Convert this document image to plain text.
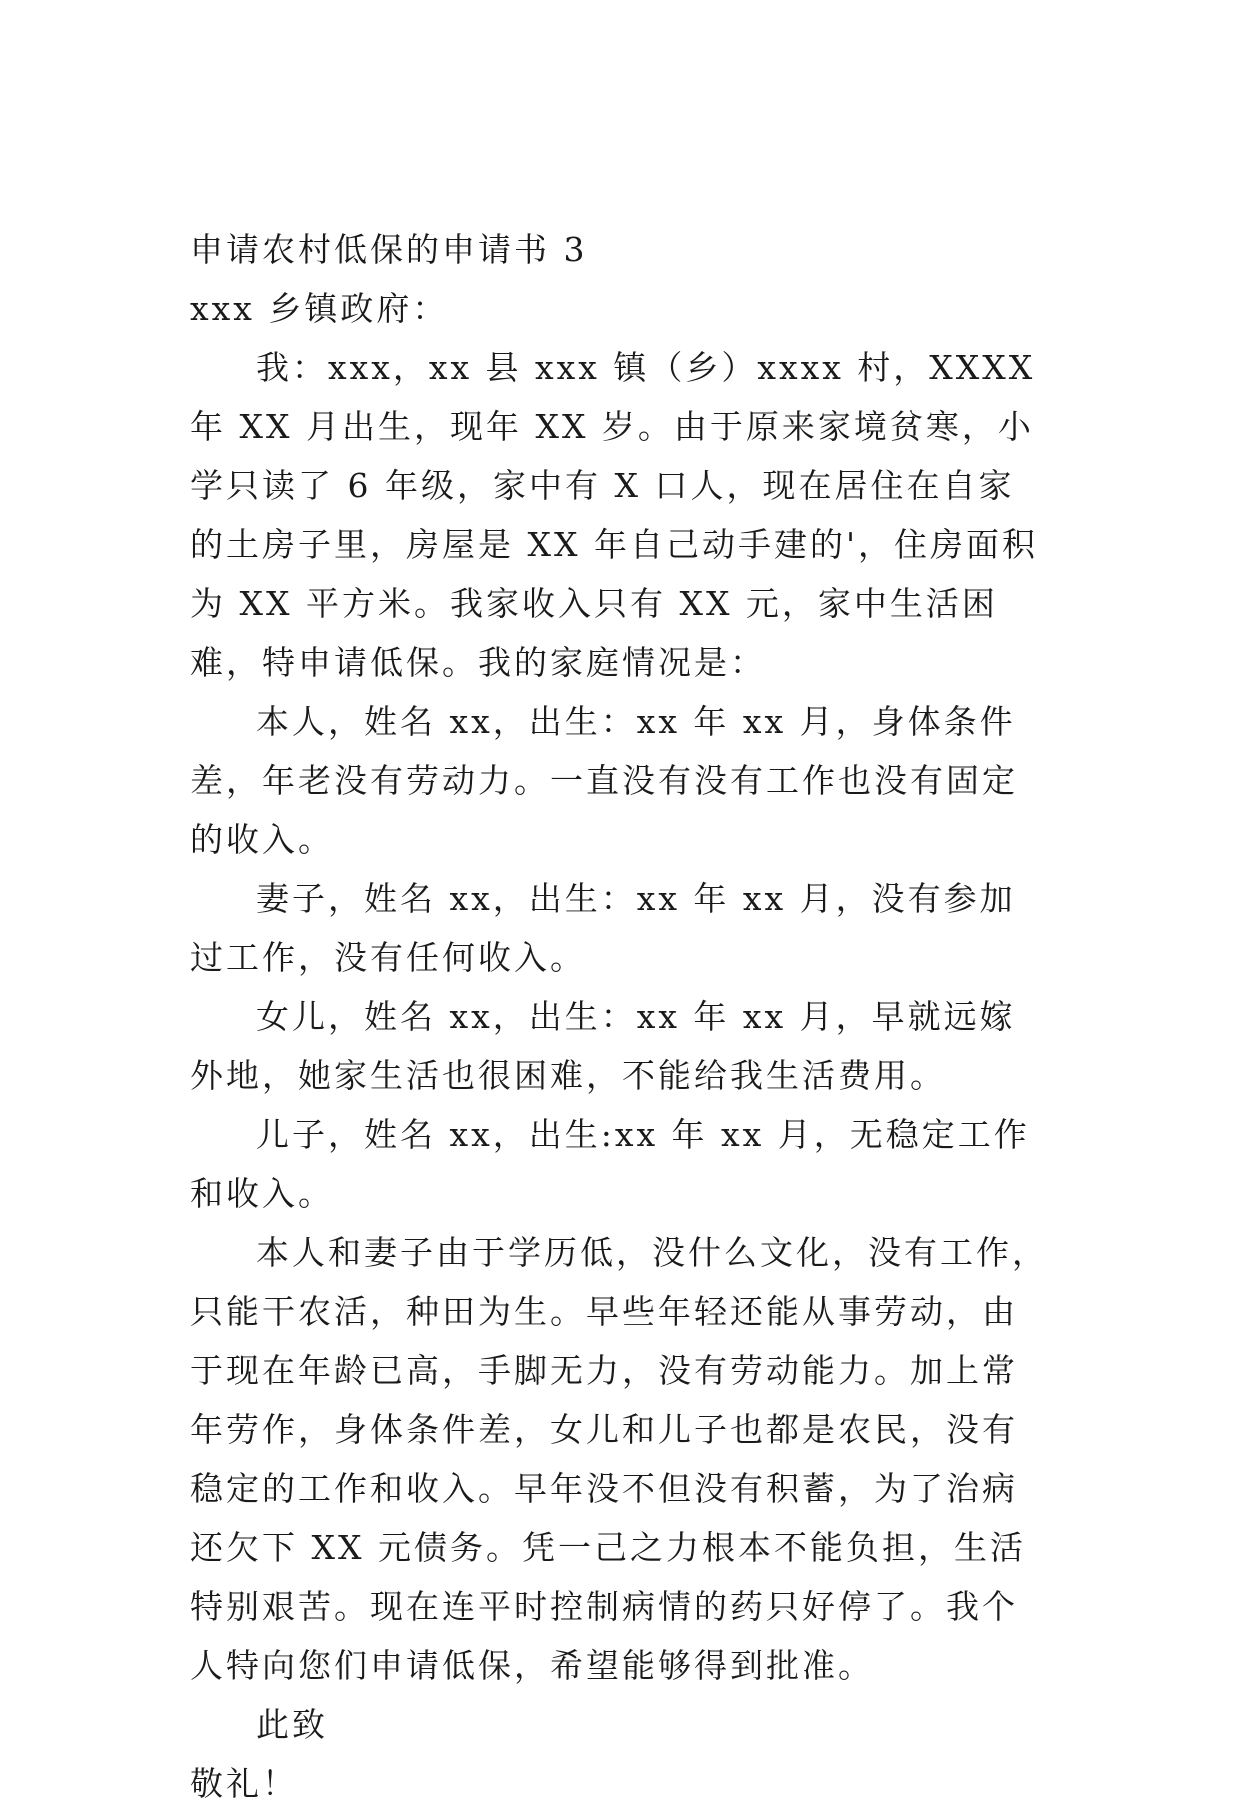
申请农村低保的申请书 3

xxx 乡镇政府：

我：xxx，xx 县 xxx 镇（乡）xxxx 村，XXXX 年 XX 月出生，现年 XX 岁。由于原来家境贫寒，小学只读了 6 年级，家中有 X 口人，现在居住在自家的土房子里，房屋是 XX 年自己动手建的'，住房面积为 XX 平方米。我家收入只有 XX 元，家中生活困难，特申请低保。我的家庭情况是：

本人，姓名 xx，出生：xx 年 xx 月，身体条件差，年老没有劳动力。一直没有没有工作也没有固定的收入。

妻子，姓名 xx，出生：xx 年 xx 月，没有参加过工作，没有任何收入。

女儿，姓名 xx，出生：xx 年 xx 月，早就远嫁外地，她家生活也很困难，不能给我生活费用。

儿子，姓名 xx，出生:xx 年 xx 月，无稳定工作和收入。

本人和妻子由于学历低，没什么文化，没有工作，只能干农活，种田为生。早些年轻还能从事劳动，由于现在年龄已高，手脚无力，没有劳动能力。加上常年劳作，身体条件差，女儿和儿子也都是农民，没有稳定的工作和收入。早年没不但没有积蓄，为了治病还欠下 XX 元债务。凭一己之力根本不能负担，生活特别艰苦。现在连平时控制病情的药只好停了。我个人特向您们申请低保，希望能够得到批准。

此致

敬礼！
